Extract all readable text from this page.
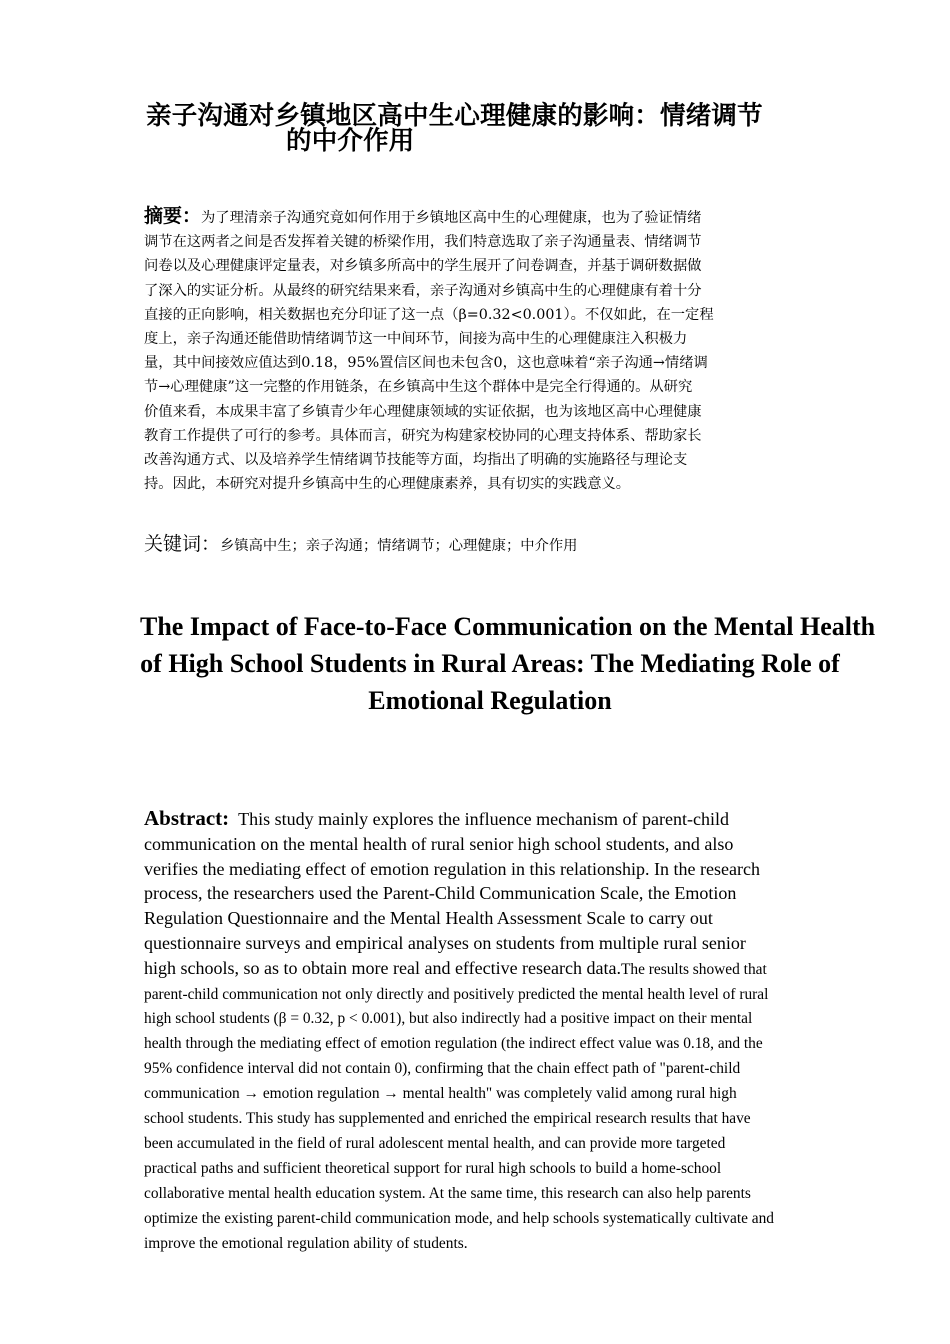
亲子沟通对乡镇地区高中生心理健康的影响：情绪调节
的中介作用
摘要：为了理清亲子沟通究竟如何作用于乡镇地区高中生的心理健康，也为了验证情绪
调节在这两者之间是否发挥着关键的桥梁作用，我们特意选取了亲子沟通量表、情绪调节
问卷以及心理健康评定量表，对乡镇多所高中的学生展开了问卷调查，并基于调研数据做
了深入的实证分析。从最终的研究结果来看，亲子沟通对乡镇高中生的心理健康有着十分
直接的正向影响，相关数据也充分印证了这一点（β=0.32<0.001）。不仅如此，在一定程
度上，亲子沟通还能借助情绪调节这一中间环节，间接为高中生的心理健康注入积极力
量，其中间接效应值达到0.18，95%置信区间也未包含0，这也意味着“亲子沟通→情绪调
节→心理健康”这一完整的作用链条，在乡镇高中生这个群体中是完全行得通的。从研究
价值来看，本成果丰富了乡镇青少年心理健康领域的实证依据，也为该地区高中心理健康
教育工作提供了可行的参考。具体而言，研究为构建家校协同的心理支持体系、帮助家长
改善沟通方式、以及培养学生情绪调节技能等方面，均指出了明确的实施路径与理论支
持。因此，本研究对提升乡镇高中生的心理健康素养，具有切实的实践意义。
关键词：乡镇高中生；亲子沟通；情绪调节；心理健康；中介作用
The Impact of Face-to-Face Communication on the Mental Health
of High School Students in Rural Areas: The Mediating Role of
Emotional Regulation
Abstract: This study mainly explores the influence mechanism of parent-child
communication on the mental health of rural senior high school students, and also
verifies the mediating effect of emotion regulation in this relationship. In the research
process, the researchers used the Parent-Child Communication Scale, the Emotion
Regulation Questionnaire and the Mental Health Assessment Scale to carry out
questionnaire surveys and empirical analyses on students from multiple rural senior
high schools, so as to obtain more real and effective research data.The results showed that
parent-child communication not only directly and positively predicted the mental health level of rural
high school students (β = 0.32, p < 0.001), but also indirectly had a positive impact on their mental
health through the mediating effect of emotion regulation (the indirect effect value was 0.18, and the
95% confidence interval did not contain 0), confirming that the chain effect path of "parent-child
communication → emotion regulation → mental health" was completely valid among rural high
school students. This study has supplemented and enriched the empirical research results that have
been accumulated in the field of rural adolescent mental health, and can provide more targeted
practical paths and sufficient theoretical support for rural high schools to build a home-school
collaborative mental health education system. At the same time, this research can also help parents
optimize the existing parent-child communication mode, and help schools systematically cultivate and
improve the emotional regulation ability of students.
